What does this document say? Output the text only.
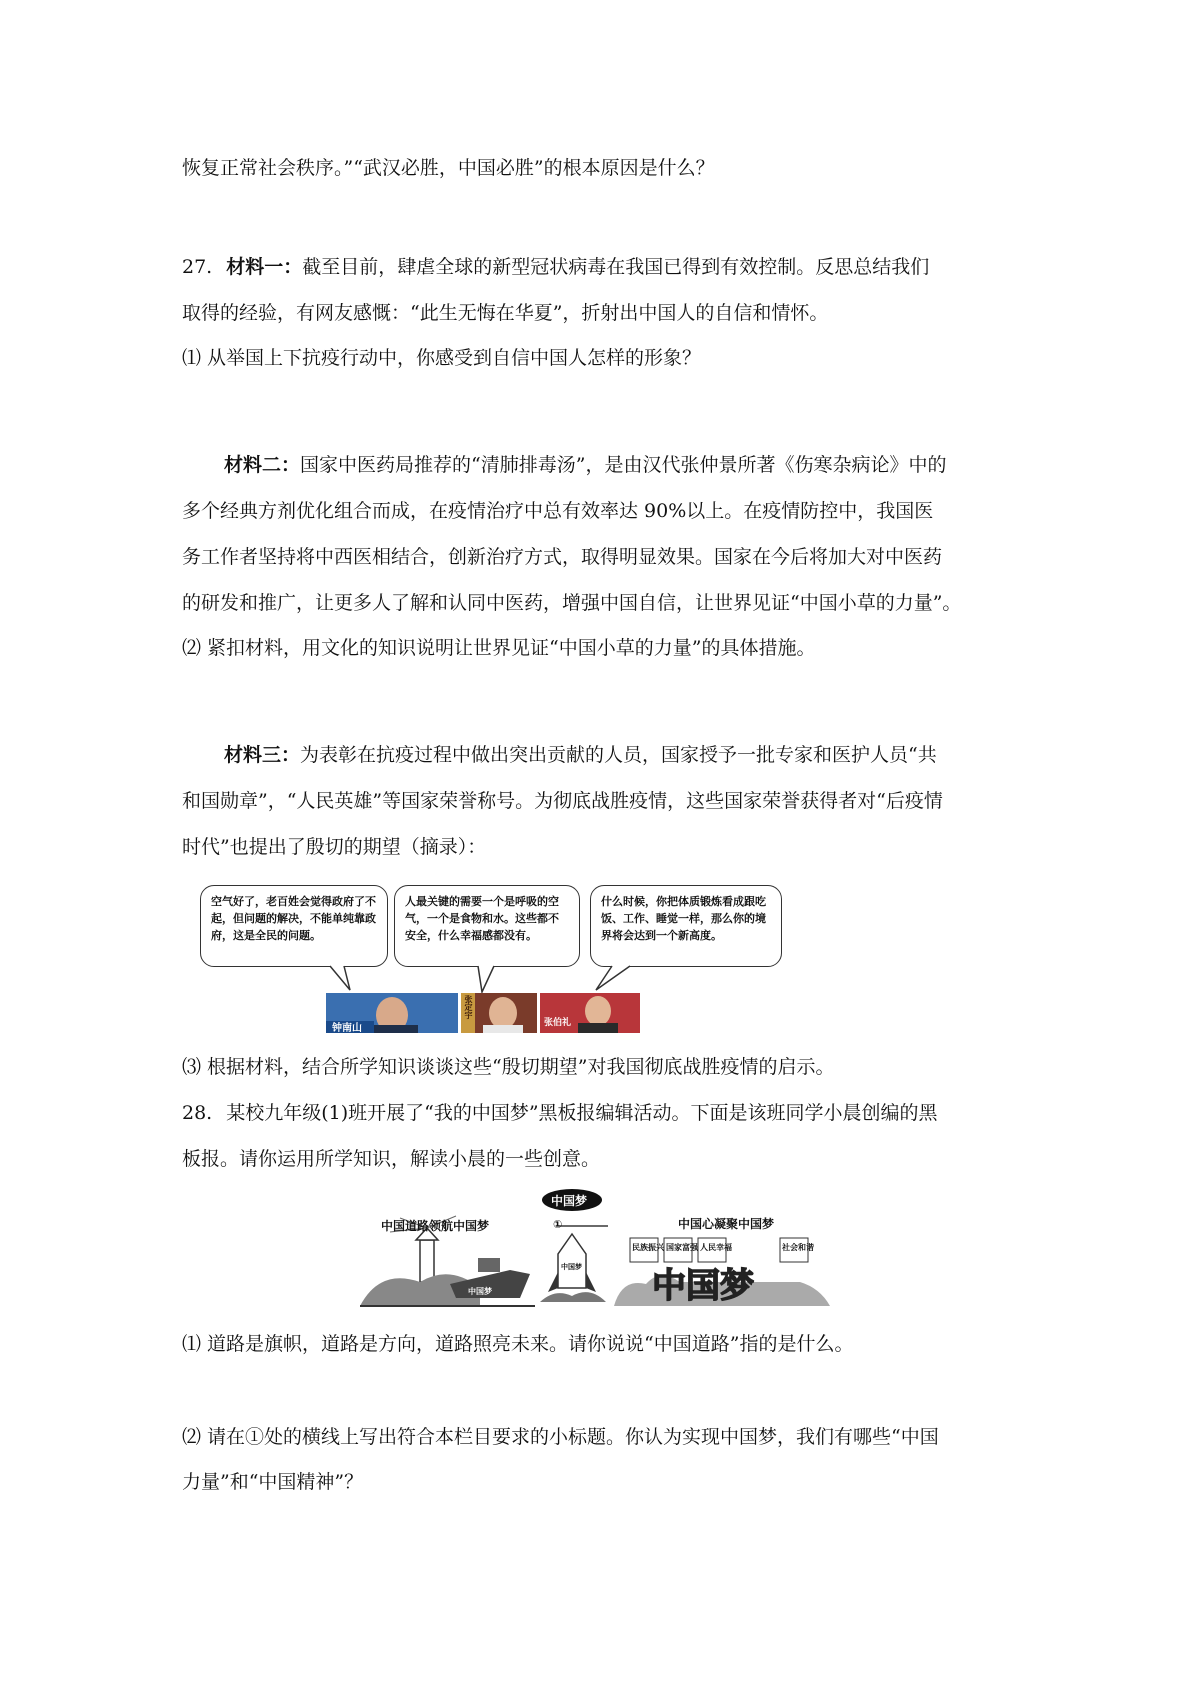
恢复正常社会秩序。”“武汉必胜，中国必胜”的根本原因是什么？
27. 材料一：截至目前，肆虐全球的新型冠状病毒在我国已得到有效控制。反思总结我们
取得的经验，有网友感慨：“此生无悔在华夏”，折射出中国人的自信和情怀。
⑴ 从举国上下抗疫行动中，你感受到自信中国人怎样的形象？
材料二：国家中医药局推荐的“清肺排毒汤”，是由汉代张仲景所著《伤寒杂病论》中的
多个经典方剂优化组合而成，在疫情治疗中总有效率达 90%以上。在疫情防控中，我国医
务工作者坚持将中西医相结合，创新治疗方式，取得明显效果。国家在今后将加大对中医药
的研发和推广，让更多人了解和认同中医药，增强中国自信，让世界见证“中国小草的力量”。
⑵ 紧扣材料，用文化的知识说明让世界见证“中国小草的力量”的具体措施。
材料三：为表彰在抗疫过程中做出突出贡献的人员，国家授予一批专家和医护人员“共
和国勋章”，“人民英雄”等国家荣誉称号。为彻底战胜疫情，这些国家荣誉获得者对“后疫情
时代”也提出了殷切的期望（摘录）：
空气好了，老百姓会觉得政府了不起，但问题的解决，不能单纯靠政府，这是全民的问题。
人最关键的需要一个是呼吸的空气，一个是食物和水。这些都不安全，什么幸福感都没有。
什么时候，你把体质锻炼看成跟吃饭、工作、睡觉一样，那么你的境界将会达到一个新高度。
钟南山
张定宇
张伯礼
⑶ 根据材料，结合所学知识谈谈这些“殷切期望”对我国彻底战胜疫情的启示。
28. 某校九年级(1)班开展了“我的中国梦”黑板报编辑活动。下面是该班同学小晨创编的黑
板报。请你运用所学知识，解读小晨的一些创意。
中国梦
中国道路领航中国梦	中国心凝聚中国梦
①
中国梦
中国梦
民族振兴 国家富强 人民幸福	社会和谐
中国梦
⑴ 道路是旗帜，道路是方向，道路照亮未来。请你说说“中国道路”指的是什么。
⑵ 请在①处的横线上写出符合本栏目要求的小标题。你认为实现中国梦，我们有哪些“中国
力量”和“中国精神”？
